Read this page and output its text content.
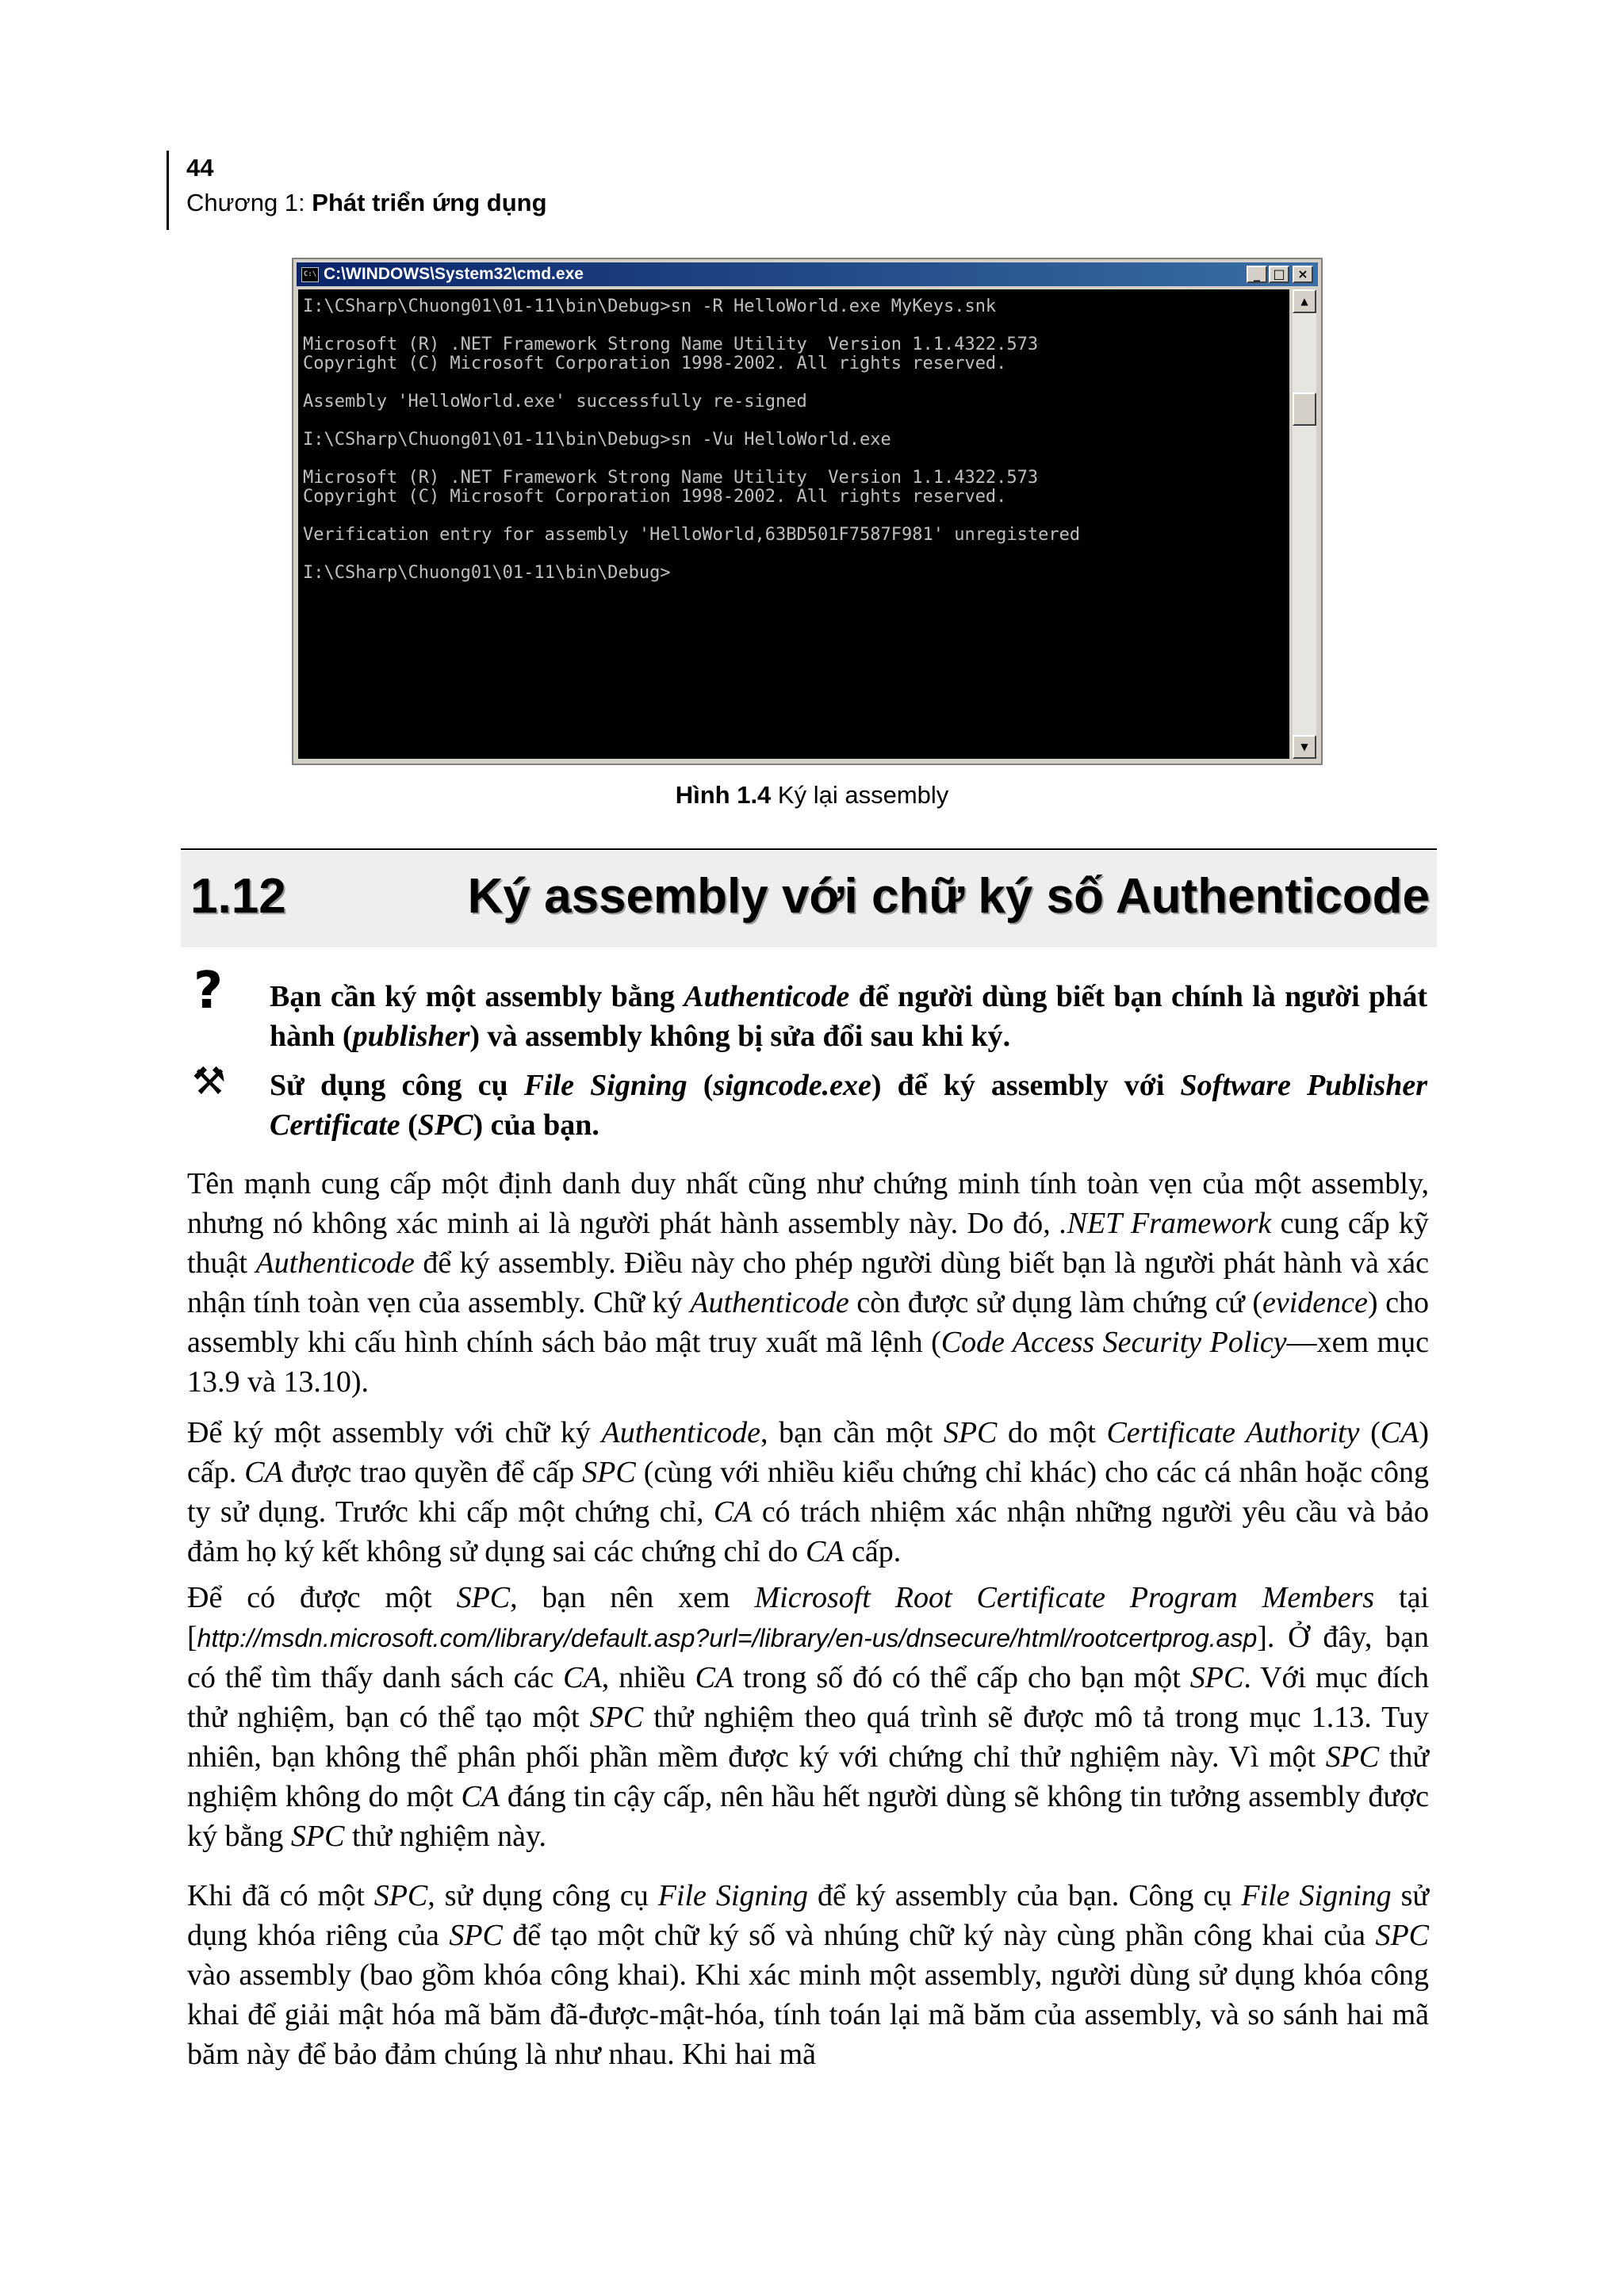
44
Chương 1: Phát triển ứng dụng
C:\ C:\WINDOWS\System32\cmd.exe	_	□ ×
I:\CSharp\Chuong01\01-11\bin\Debug>sn -R HelloWorld.exe MyKeys.snk
Microsoft (R) .NET Framework Strong Name Utility  Version 1.1.4322.573
Copyright (C) Microsoft Corporation 1998-2002. All rights reserved.
Assembly 'HelloWorld.exe' successfully re-signed
I:\CSharp\Chuong01\01-11\bin\Debug>sn -Vu HelloWorld.exe
Microsoft (R) .NET Framework Strong Name Utility  Version 1.1.4322.573
Copyright (C) Microsoft Corporation 1998-2002. All rights reserved.
Verification entry for assembly 'HelloWorld,63BD501F7587F981' unregistered
I:\CSharp\Chuong01\01-11\bin\Debug>
▲
▼
Hình 1.4 Ký lại assembly
1.12	Ký assembly với chữ ký số Authenticode
? Bạn cần ký một assembly bằng Authenticode để người dùng biết bạn chính là người phát hành (publisher) và assembly không bị sửa đổi sau khi ký.
⚒ Sử dụng công cụ File Signing (signcode.exe) để ký assembly với Software Publisher Certificate (SPC) của bạn.
Tên mạnh cung cấp một định danh duy nhất cũng như chứng minh tính toàn vẹn của một assembly, nhưng nó không xác minh ai là người phát hành assembly này. Do đó, .NET Framework cung cấp kỹ thuật Authenticode để ký assembly. Điều này cho phép người dùng biết bạn là người phát hành và xác nhận tính toàn vẹn của assembly. Chữ ký Authenticode còn được sử dụng làm chứng cứ (evidence) cho assembly khi cấu hình chính sách bảo mật truy xuất mã lệnh (Code Access Security Policy—xem mục 13.9 và 13.10).
Để ký một assembly với chữ ký Authenticode, bạn cần một SPC do một Certificate Authority (CA) cấp. CA được trao quyền để cấp SPC (cùng với nhiều kiểu chứng chỉ khác) cho các cá nhân hoặc công ty sử dụng. Trước khi cấp một chứng chỉ, CA có trách nhiệm xác nhận những người yêu cầu và bảo đảm họ ký kết không sử dụng sai các chứng chỉ do CA cấp.
Để có được một SPC, bạn nên xem Microsoft Root Certificate Program Members tại [http://msdn.microsoft.com/library/default.asp?url=/library/en-us/dnsecure/html/rootcertprog.asp]. Ở đây, bạn có thể tìm thấy danh sách các CA, nhiều CA trong số đó có thể cấp cho bạn một SPC. Với mục đích thử nghiệm, bạn có thể tạo một SPC thử nghiệm theo quá trình sẽ được mô tả trong mục 1.13. Tuy nhiên, bạn không thể phân phối phần mềm được ký với chứng chỉ thử nghiệm này. Vì một SPC thử nghiệm không do một CA đáng tin cậy cấp, nên hầu hết người dùng sẽ không tin tưởng assembly được ký bằng SPC thử nghiệm này.
Khi đã có một SPC, sử dụng công cụ File Signing để ký assembly của bạn. Công cụ File Signing sử dụng khóa riêng của SPC để tạo một chữ ký số và nhúng chữ ký này cùng phần công khai của SPC vào assembly (bao gồm khóa công khai). Khi xác minh một assembly, người dùng sử dụng khóa công khai để giải mật hóa mã băm đã-được-mật-hóa, tính toán lại mã băm của assembly, và so sánh hai mã băm này để bảo đảm chúng là như nhau. Khi hai mã
